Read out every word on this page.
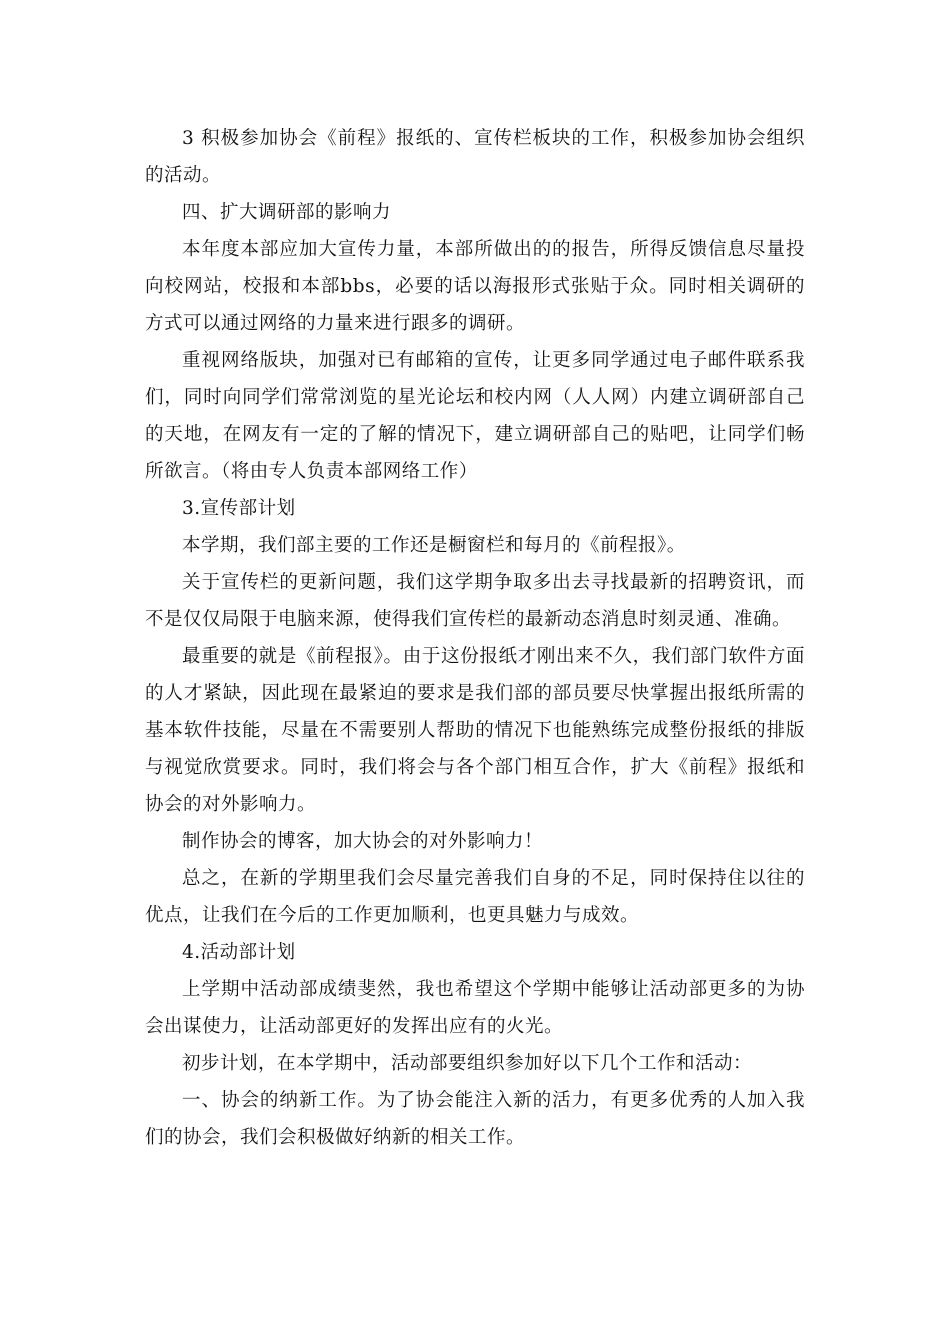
3 积极参加协会《前程》报纸的、宣传栏板块的工作，积极参加协会组织的活动。

四、扩大调研部的影响力

本年度本部应加大宣传力量，本部所做出的的报告，所得反馈信息尽量投向校网站，校报和本部bbs，必要的话以海报形式张贴于众。同时相关调研的方式可以通过网络的力量来进行跟多的调研。

重视网络版块，加强对已有邮箱的宣传，让更多同学通过电子邮件联系我们，同时向同学们常常浏览的星光论坛和校内网（人人网）内建立调研部自己的天地，在网友有一定的了解的情况下，建立调研部自己的贴吧，让同学们畅所欲言。（将由专人负责本部网络工作）

3.宣传部计划

本学期，我们部主要的工作还是橱窗栏和每月的《前程报》。

关于宣传栏的更新问题，我们这学期争取多出去寻找最新的招聘资讯，而不是仅仅局限于电脑来源，使得我们宣传栏的最新动态消息时刻灵通、准确。

最重要的就是《前程报》。由于这份报纸才刚出来不久，我们部门软件方面的人才紧缺，因此现在最紧迫的要求是我们部的部员要尽快掌握出报纸所需的基本软件技能，尽量在不需要别人帮助的情况下也能熟练完成整份报纸的排版与视觉欣赏要求。同时，我们将会与各个部门相互合作，扩大《前程》报纸和协会的对外影响力。

制作协会的博客，加大协会的对外影响力！

总之，在新的学期里我们会尽量完善我们自身的不足，同时保持住以往的优点，让我们在今后的工作更加顺利，也更具魅力与成效。

4.活动部计划

上学期中活动部成绩斐然，我也希望这个学期中能够让活动部更多的为协会出谋使力，让活动部更好的发挥出应有的火光。

初步计划，在本学期中，活动部要组织参加好以下几个工作和活动：

一、协会的纳新工作。为了协会能注入新的活力，有更多优秀的人加入我们的协会，我们会积极做好纳新的相关工作。
